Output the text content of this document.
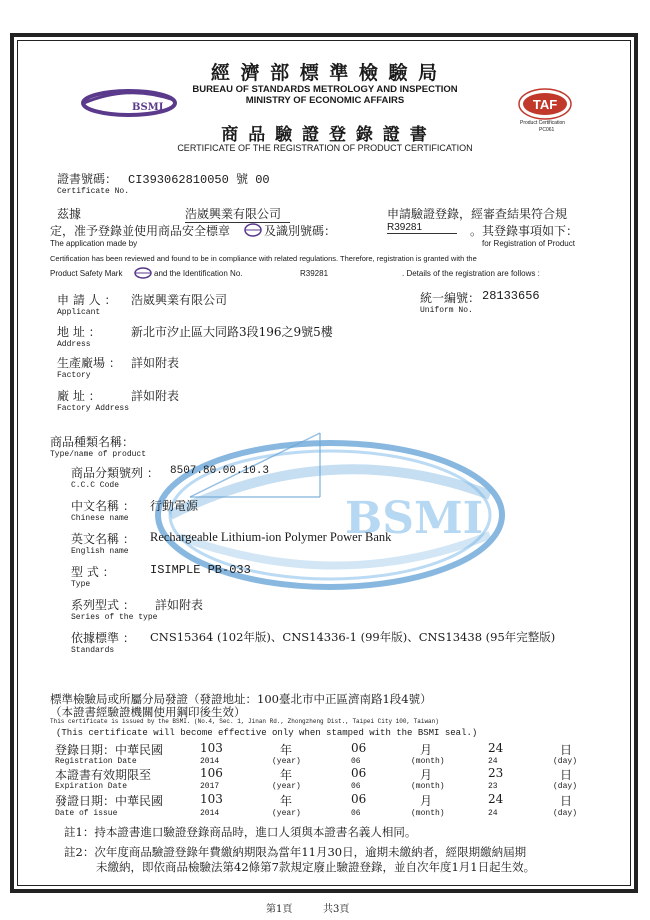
BSMI
經 濟 部 標 準 檢 驗 局
BUREAU OF STANDARDS METROLOGY AND INSPECTION
MINISTRY OF ECONOMIC AFFAIRS
BSMI	TAF
Product Certification
PC061
商 品 驗 證 登 錄 證 書
CERTIFICATE OF THE REGISTRATION OF PRODUCT CERTIFICATION
證書號碼： CI393062810050 號 00
Certificate No.
茲據	浩崴興業有限公司	申請驗證登錄，經審查結果符合規
定，准予登錄並使用商品安全標章	及識別號碼：	R39281	。其登錄事項如下：
The application made by	for Registration of Product
Certification has been reviewed and found to be in compliance with related regulations. Therefore, registration is granted with the
Product Safety Mark	and the Identification No.	R39281	. Details of the registration are follows :
申 請 人 ： 浩崴興業有限公司
Applicant
統一編號： 28133656
Uniform No.
地 址 ：	新北市汐止區大同路3段196之9號5樓
Address
生產廠場 ： 詳如附表
Factory
廠 址 ：	詳如附表
Factory Address
商品種類名稱：
Type/name of product
商品分類號列 ： 8507.80.00.10.3
C.C.C Code
中文名稱 ： 行動電源
Chinese name
英文名稱 ： Rechargeable Lithium-ion Polymer Power Bank
English name
型 式 ：	ISIMPLE PB-033
Type
系列型式 ： 詳如附表
Series of the type
依據標準 ： CNS15364 (102年版)、CNS14336-1 (99年版)、CNS13438 (95年完整版)
Standards
標準檢驗局或所屬分局發證（發證地址：100臺北市中正區濟南路1段4號）
（本證書經驗證機關使用鋼印後生效）
This certificate is issued by the BSMI. (No.4, Sec. 1, Jinan Rd., Zhongzheng Dist., Taipei City 100, Taiwan)
(This certificate will become effective only when stamped with the BSMI seal.)
登錄日期：中華民國	103	年	06	月	24	日
Registration Date	2014	(year)	06	(month)	24	(day)
本證書有效期限至	106	年	06	月	23	日
Expiration Date	2017	(year)	06	(month)	23	(day)
發證日期：中華民國	103	年	06	月	24	日
Date of issue	2014	(year)	06	(month)	24	(day)
註1：持本證書進口驗證登錄商品時，進口人須與本證書名義人相同。
註2：次年度商品驗證登錄年費繳納期限為當年11月30日，逾期未繳納者，經限期繳納屆期
未繳納，即依商品檢驗法第42條第7款規定廢止驗證登錄，並自次年度1月1日起生效。
第1頁	共3頁
